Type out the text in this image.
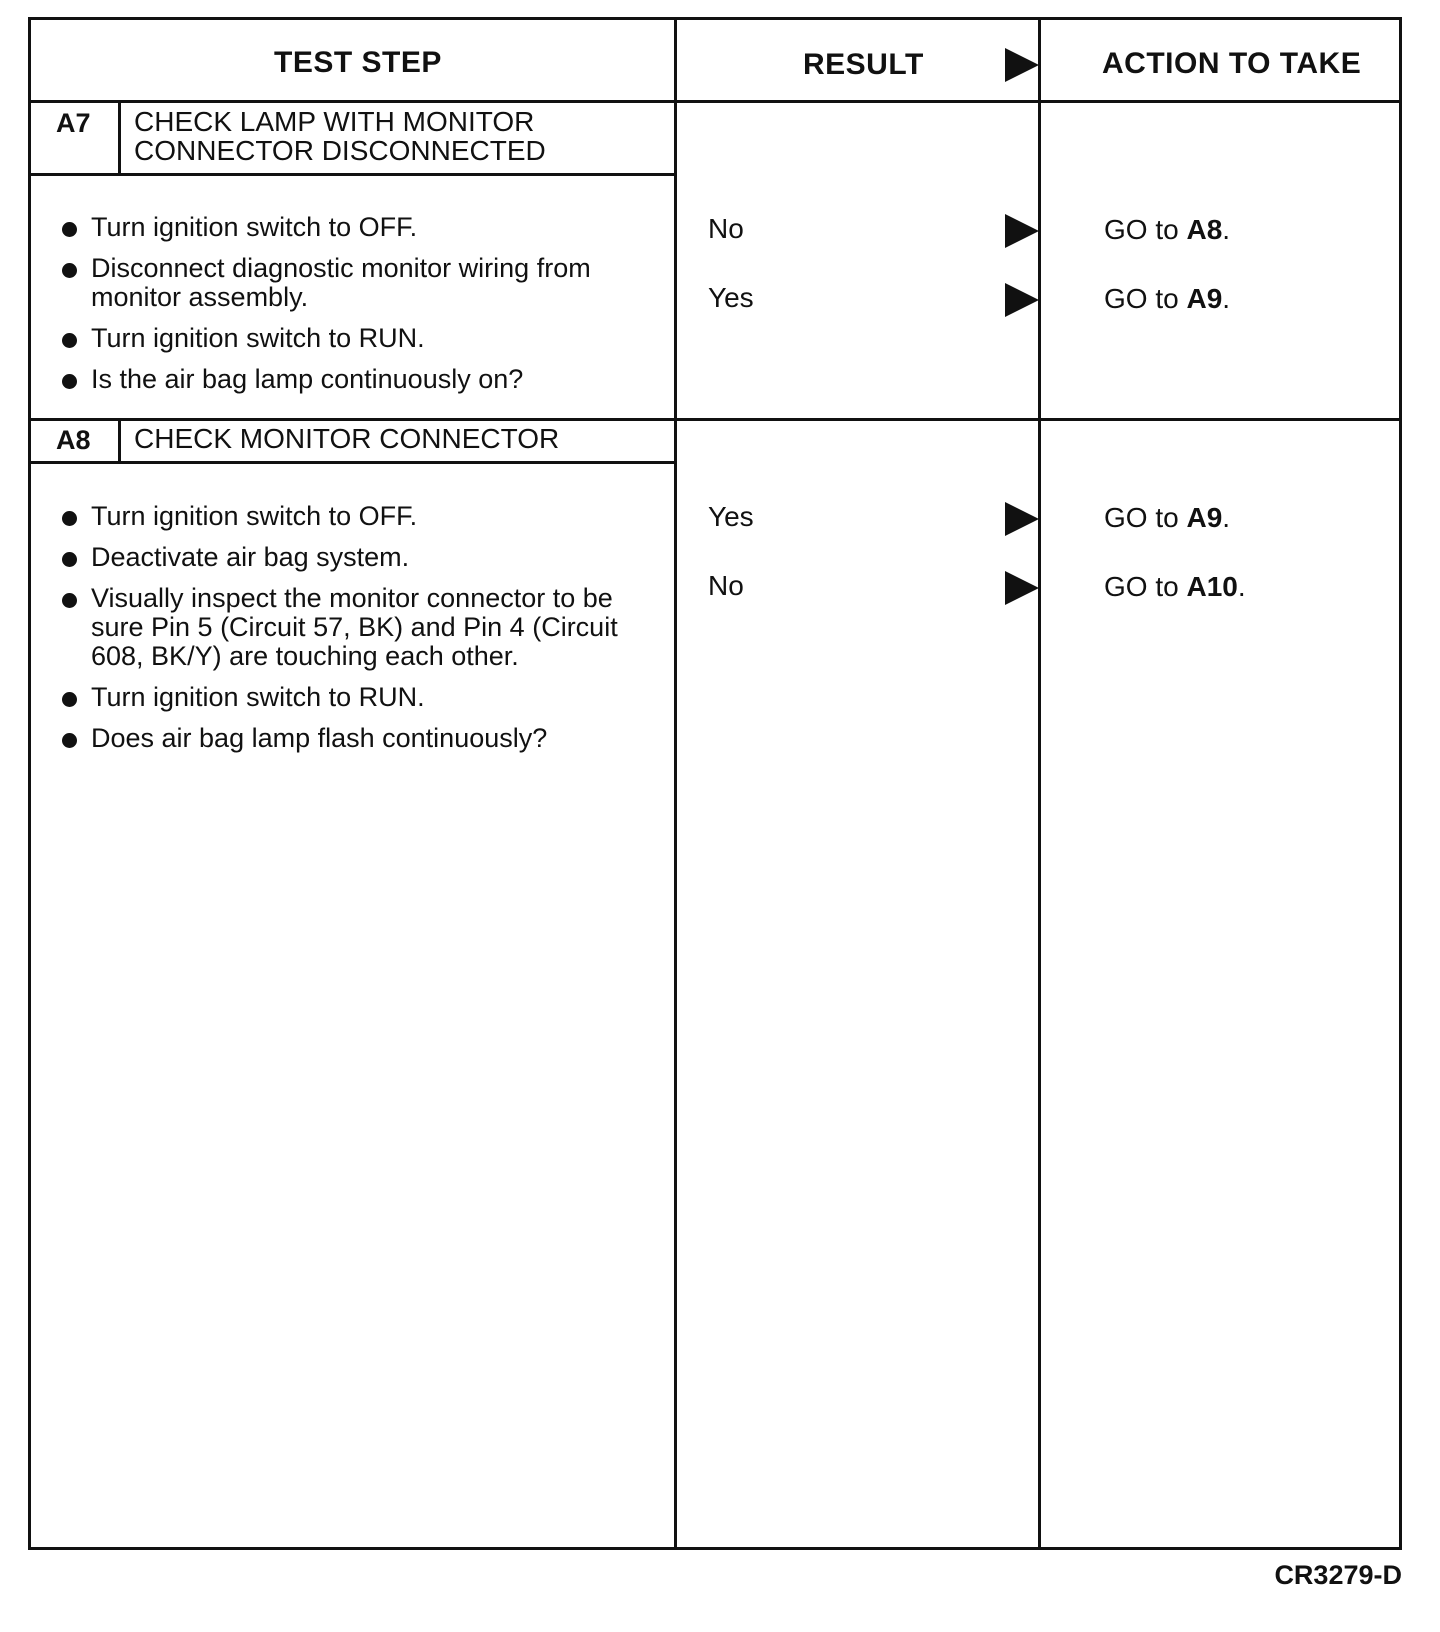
TEST STEP	RESULT	ACTION TO TAKE
A7 CHECK LAMP WITH MONITOR
CONNECTOR DISCONNECTED
Turn ignition switch to OFF.
Disconnect diagnostic monitor wiring from monitor assembly.
Turn ignition switch to RUN.
Is the air bag lamp continuously on?
No	GO to A8.
Yes	GO to A9.
A8 CHECK MONITOR CONNECTOR
Turn ignition switch to OFF.
Deactivate air bag system.
Visually inspect the monitor connector to be sure Pin 5 (Circuit 57, BK) and Pin 4 (Circuit 608, BK/Y) are touching each other.
Turn ignition switch to RUN.
Does air bag lamp flash continuously?
Yes	GO to A9.
No	GO to A10.
CR3279-D
